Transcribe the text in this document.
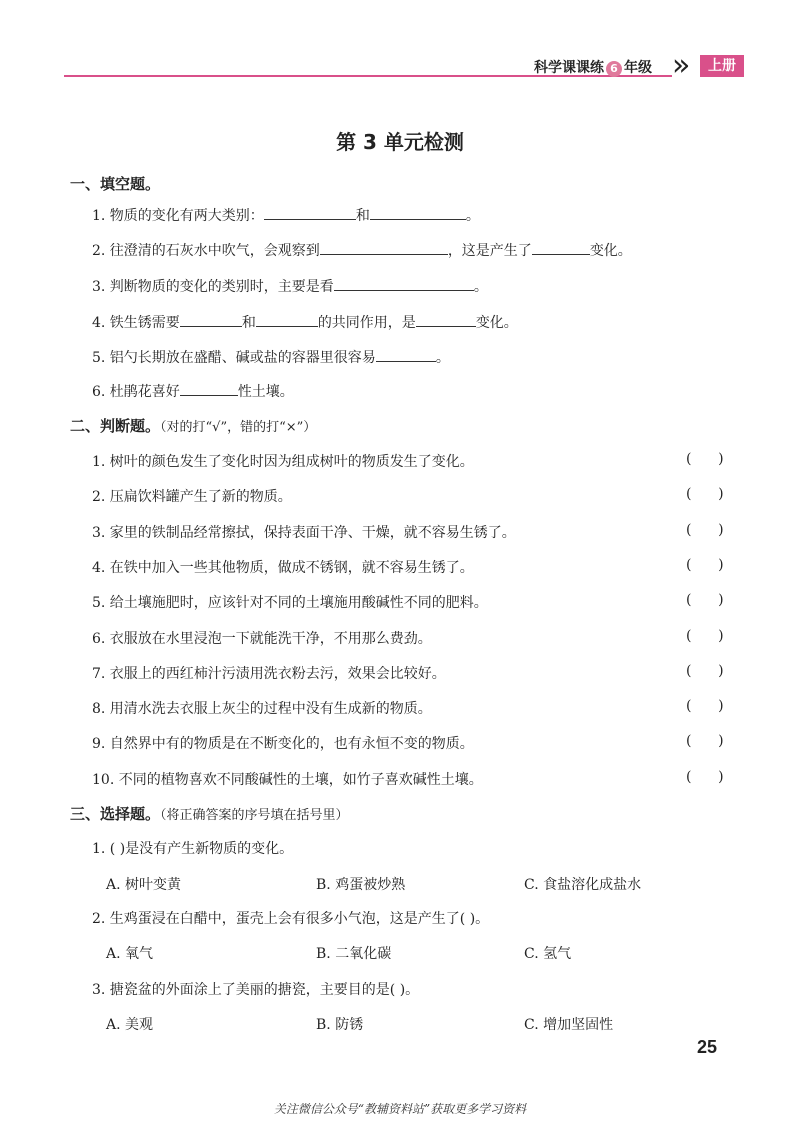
科学课课练 6 年级 »	上册
第 3 单元检测
一、填空题。
1. 物质的变化有两大类别：	和	。
2. 往澄清的石灰水中吹气，会观察到	，这是产生了	变化。
3. 判断物质的变化的类别时，主要是看	。
4. 铁生锈需要	和	的共同作用，是	变化。
5. 铝勺长期放在盛醋、碱或盐的容器里很容易	。
6. 杜鹃花喜好	性土壤。
二、判断题。（对的打“√”，错的打“×”）
1. 树叶的颜色发生了变化时因为组成树叶的物质发生了变化。	(      )
2. 压扁饮料罐产生了新的物质。	(      )
3. 家里的铁制品经常擦拭，保持表面干净、干燥，就不容易生锈了。	(      )
4. 在铁中加入一些其他物质，做成不锈钢，就不容易生锈了。	(      )
5. 给土壤施肥时，应该针对不同的土壤施用酸碱性不同的肥料。	(      )
6. 衣服放在水里浸泡一下就能洗干净，不用那么费劲。	(      )
7. 衣服上的西红柿汁污渍用洗衣粉去污，效果会比较好。	(      )
8. 用清水洗去衣服上灰尘的过程中没有生成新的物质。	(      )
9. 自然界中有的物质是在不断变化的，也有永恒不变的物质。	(      )
10. 不同的植物喜欢不同酸碱性的土壤，如竹子喜欢碱性土壤。	(      )
三、选择题。（将正确答案的序号填在括号里）
1. ( )是没有产生新物质的变化。
A. 树叶变黄	B. 鸡蛋被炒熟	C. 食盐溶化成盐水
2. 生鸡蛋浸在白醋中，蛋壳上会有很多小气泡，这是产生了( )。
A. 氧气	B. 二氧化碳	C. 氢气
3. 搪瓷盆的外面涂上了美丽的搪瓷，主要目的是( )。
A. 美观	B. 防锈	C. 增加坚固性
25
关注微信公众号“教辅资料站”获取更多学习资料
